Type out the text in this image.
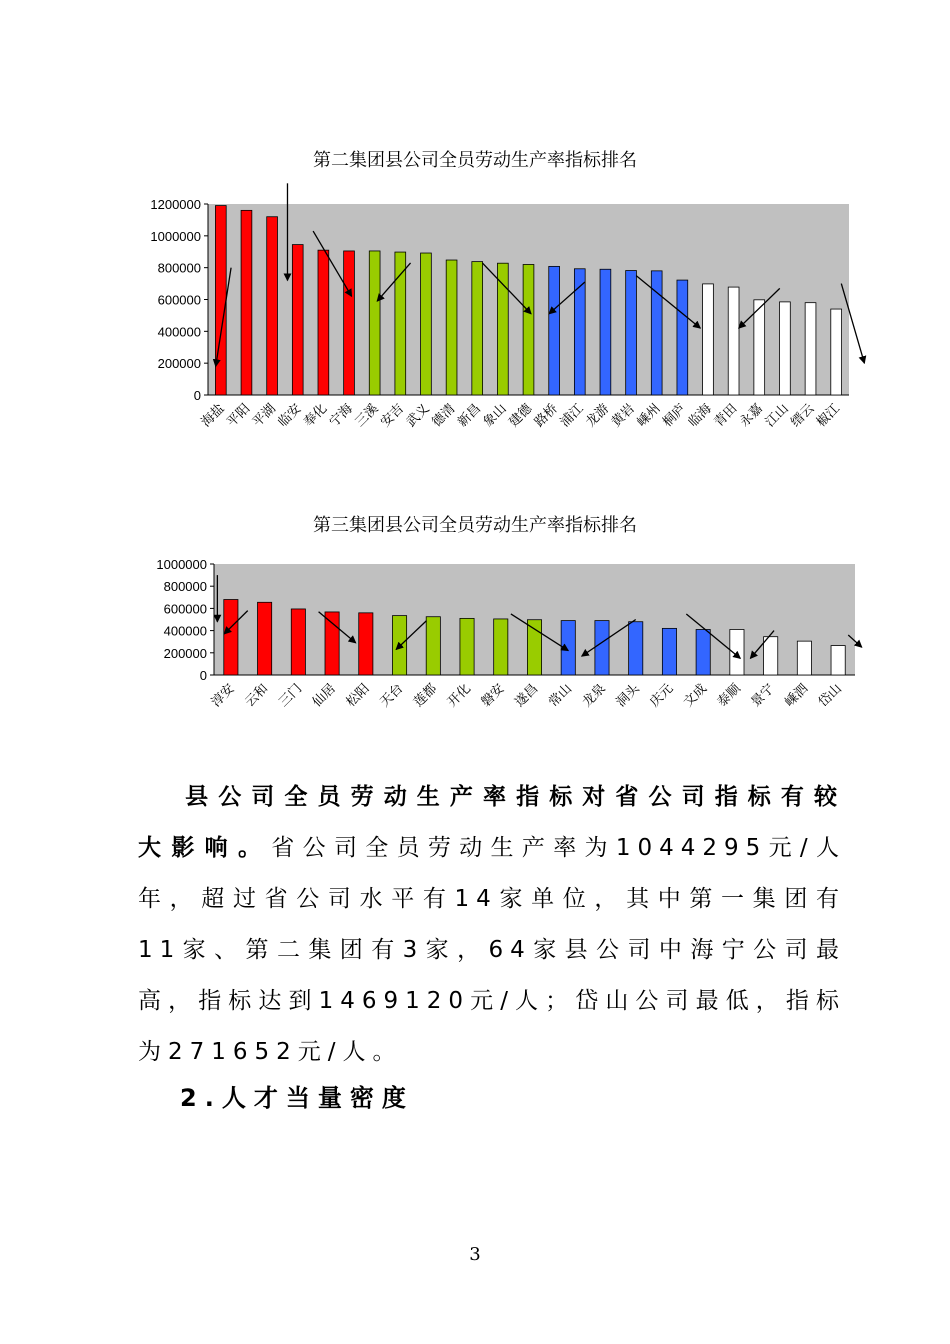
第二集团县公司全员劳动生产率指标排名
0
200000
400000
600000
800000
1000000
1200000
海盐
平阳
平湖
临安
奉化
宁海
三溪
安吉
武义
德清
新昌
象山
建德
路桥
浦江
龙游
黄岩
嵊州
桐庐
临海
青田
永嘉
江山
缙云
椒江
第三集团县公司全员劳动生产率指标排名
0
200000
400000
600000
800000
1000000
淳安 云和 三门 仙居 松阳 天台 莲都 开化 磐安 遂昌 常山 龙泉 洞头 庆元 文成 泰顺 景宁 嵊泗 岱山
县公司全员劳动生产率指标对省公司指标有较大影响。省公司全员劳动生产率为1044295元/人年，超过省公司水平有14家单位，其中第一集团有11家、第二集团有3家，64家县公司中海宁公司最高，指标达到1469120元/人；岱山公司最低，指标为271652元/人。
2.人才当量密度
3
